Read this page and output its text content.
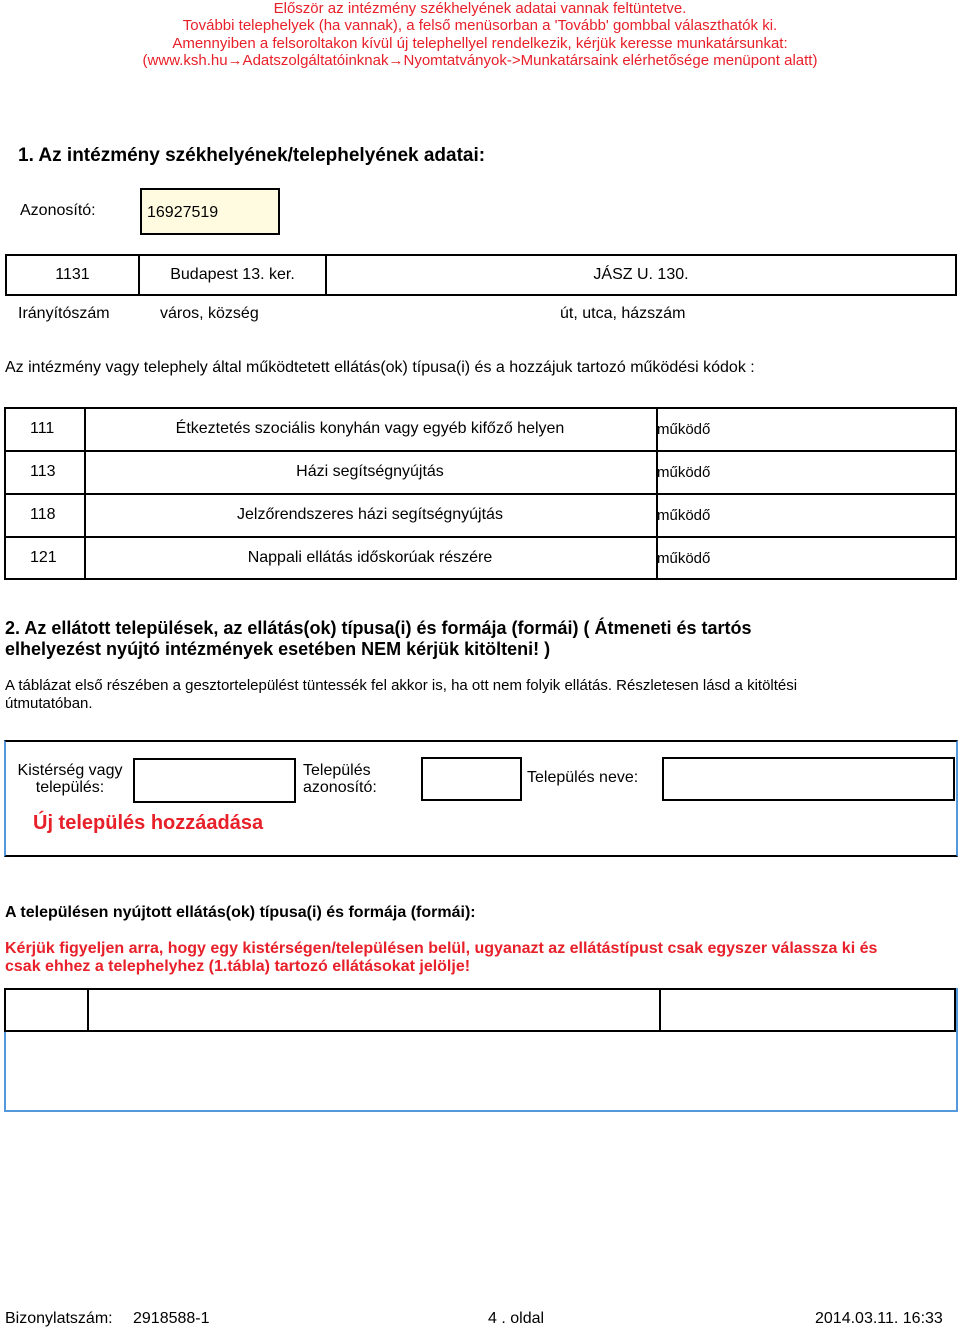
Először az intézmény székhelyének adatai vannak feltüntetve.
További telephelyek (ha vannak), a felső menüsorban a 'Tovább' gombbal választhatók ki.
Amennyiben a felsoroltakon kívül új telephellyel rendelkezik, kérjük keresse munkatársunkat:
(www.ksh.hu→Adatszolgáltatóinknak→Nyomtatványok->Munkatársaink elérhetősége menüpont alatt)
1. Az intézmény székhelyének/telephelyének adatai:
Azonosító:	16927519
1131	Budapest 13. ker.	JÁSZ U. 130.
Irányítószám	város, község	út, utca, házszám
Az intézmény vagy telephely által működtetett ellátás(ok) típusa(i) és a hozzájuk tartozó működési kódok :
111	Étkeztetés szociális konyhán vagy egyéb kifőző helyen	működő
113	Házi segítségnyújtás	működő
118	Jelzőrendszeres házi segítségnyújtás	működő
121	Nappali ellátás időskorúak részére	működő
2. Az ellátott települések, az ellátás(ok) típusa(i) és formája (formái) ( Átmeneti és tartós
elhelyezést nyújtó intézmények esetében NEM kérjük kitölteni! )
A táblázat első részében a gesztortelepülést tüntessék fel akkor is, ha ott nem folyik ellátás. Részletesen lásd a kitöltési
útmutatóban.
Kistérség vagy
település:
Település
azonosító:
Település neve:
Új település hozzáadása
A településen nyújtott ellátás(ok) típusa(i) és formája (formái):
Kérjük figyeljen arra, hogy egy kistérségen/településen belül, ugyanazt az ellátástípust csak egyszer válassza ki és
csak ehhez a telephelyhez (1.tábla) tartozó ellátásokat jelölje!
Bizonylatszám: 2918588-1	4 . oldal	2014.03.11. 16:33
